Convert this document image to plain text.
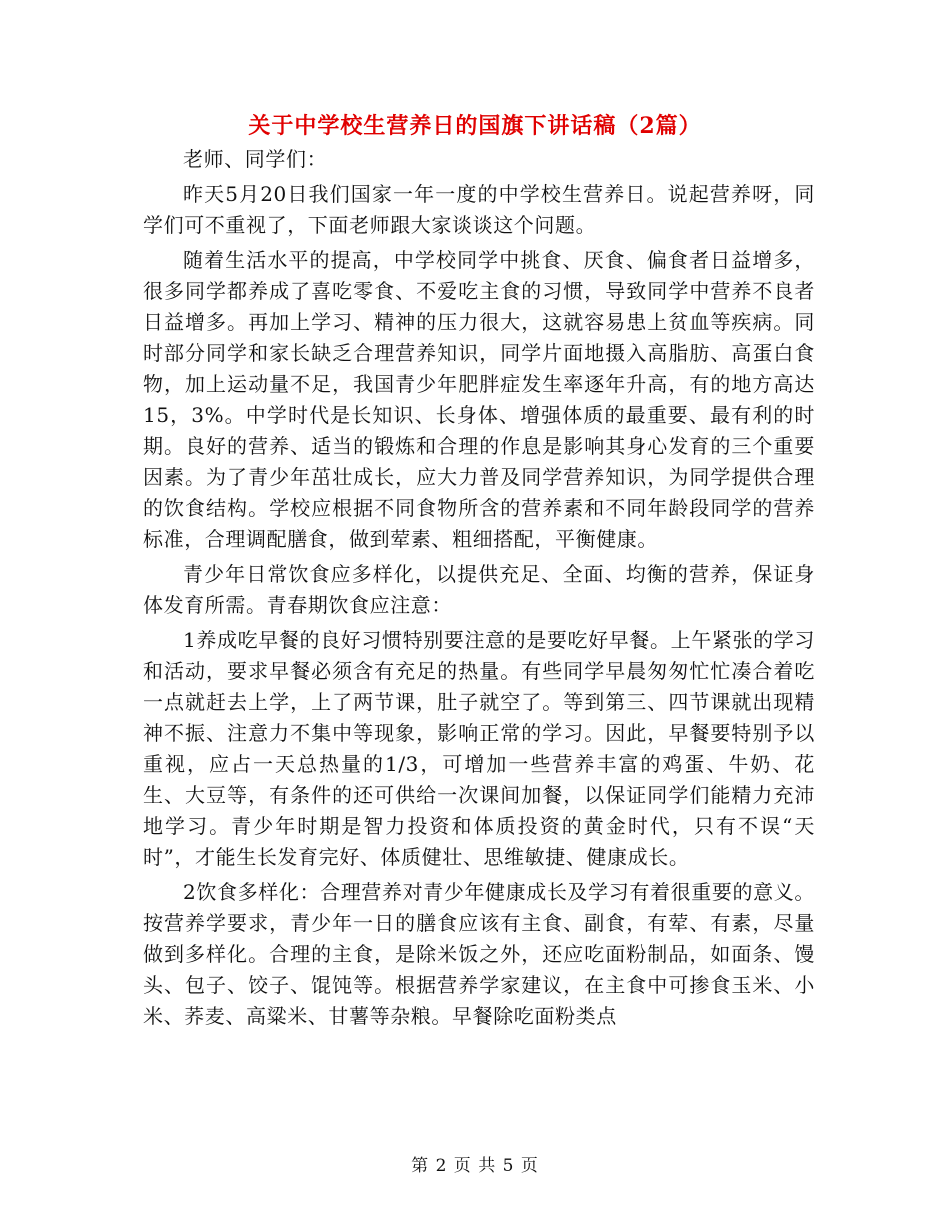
关于中学校生营养日的国旗下讲话稿（2篇）

老师、同学们：

昨天5月20日我们国家一年一度的中学校生营养日。说起营养呀，同学们可不重视了，下面老师跟大家谈谈这个问题。

随着生活水平的提高，中学校同学中挑食、厌食、偏食者日益增多，很多同学都养成了喜吃零食、不爱吃主食的习惯，导致同学中营养不良者日益增多。再加上学习、精神的压力很大，这就容易患上贫血等疾病。同时部分同学和家长缺乏合理营养知识，同学片面地摄入高脂肪、高蛋白食物，加上运动量不足，我国青少年肥胖症发生率逐年升高，有的地方高达15，3%。中学时代是长知识、长身体、增强体质的最重要、最有利的时期。良好的营养、适当的锻炼和合理的作息是影响其身心发育的三个重要因素。为了青少年茁壮成长，应大力普及同学营养知识，为同学提供合理的饮食结构。学校应根据不同食物所含的营养素和不同年龄段同学的营养标准，合理调配膳食，做到荤素、粗细搭配，平衡健康。

青少年日常饮食应多样化，以提供充足、全面、均衡的营养，保证身体发育所需。青春期饮食应注意：

1养成吃早餐的良好习惯特别要注意的是要吃好早餐。上午紧张的学习和活动，要求早餐必须含有充足的热量。有些同学早晨匆匆忙忙凑合着吃一点就赶去上学，上了两节课，肚子就空了。等到第三、四节课就出现精神不振、注意力不集中等现象，影响正常的学习。因此，早餐要特别予以重视，应占一天总热量的1/3，可增加一些营养丰富的鸡蛋、牛奶、花生、大豆等，有条件的还可供给一次课间加餐，以保证同学们能精力充沛地学习。青少年时期是智力投资和体质投资的黄金时代，只有不误“天时”，才能生长发育完好、体质健壮、思维敏捷、健康成长。

2饮食多样化：合理营养对青少年健康成长及学习有着很重要的意义。按营养学要求，青少年一日的膳食应该有主食、副食，有荤、有素，尽量做到多样化。合理的主食，是除米饭之外，还应吃面粉制品，如面条、馒头、包子、饺子、馄饨等。根据营养学家建议，在主食中可掺食玉米、小米、荞麦、高粱米、甘薯等杂粮。早餐除吃面粉类点

第 2 页 共 5 页
